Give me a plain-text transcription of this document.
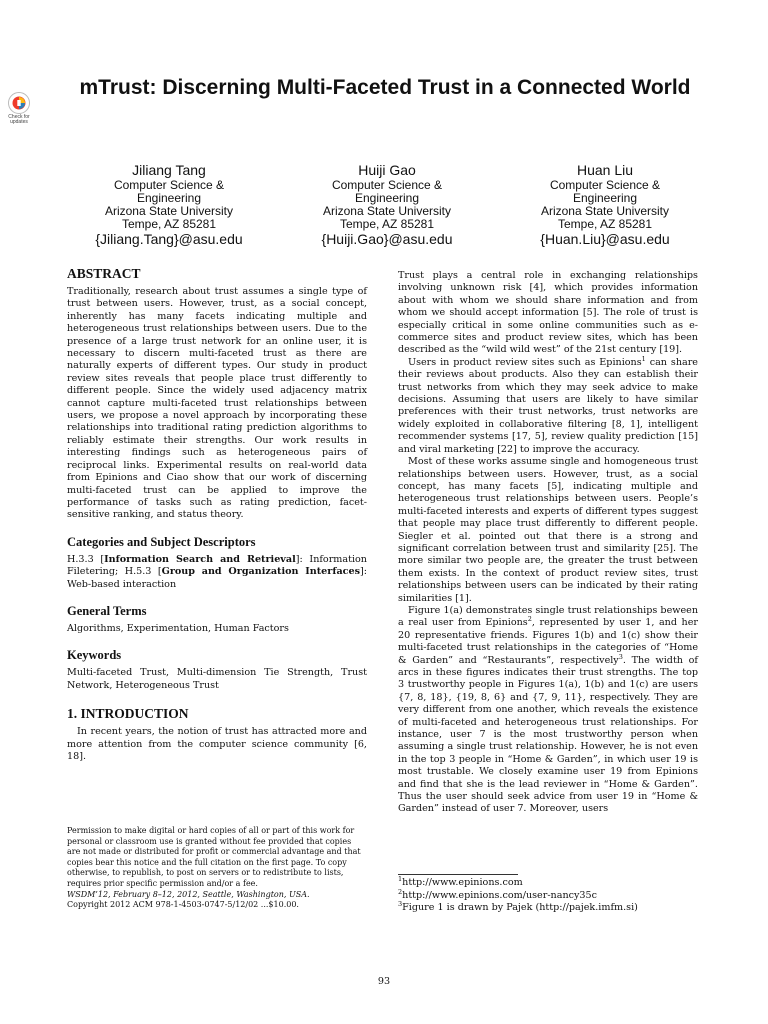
Check for updates
mTrust: Discerning Multi-Faceted Trust in a Connected World
Jiliang Tang
Computer Science &
Engineering
Arizona State University
Tempe, AZ 85281
{Jiliang.Tang}@asu.edu
Huiji Gao
Computer Science &
Engineering
Arizona State University
Tempe, AZ 85281
{Huiji.Gao}@asu.edu
Huan Liu
Computer Science &
Engineering
Arizona State University
Tempe, AZ 85281
{Huan.Liu}@asu.edu
ABSTRACT

Traditionally, research about trust assumes a single type of trust between users. However, trust, as a social concept, inherently has many facets indicating multiple and heterogeneous trust relationships between users. Due to the presence of a large trust network for an online user, it is necessary to discern multi-faceted trust as there are naturally experts of different types. Our study in product review sites reveals that people place trust differently to different people. Since the widely used adjacency matrix cannot capture multi-faceted trust relationships between users, we propose a novel approach by incorporating these relationships into traditional rating prediction algorithms to reliably estimate their strengths. Our work results in interesting findings such as heterogeneous pairs of reciprocal links. Experimental results on real-world data from Epinions and Ciao show that our work of discerning multi-faceted trust can be applied to improve the performance of tasks such as rating prediction, facet-sensitive ranking, and status theory.

Categories and Subject Descriptors

H.3.3 [Information Search and Retrieval]: Information Filetering; H.5.3 [Group and Organization Interfaces]: Web-based interaction

General Terms

Algorithms, Experimentation, Human Factors

Keywords

Multi-faceted Trust, Multi-dimension Tie Strength, Trust Network, Heterogeneous Trust

1. INTRODUCTION

In recent years, the notion of trust has attracted more and more attention from the computer science community [6, 18].

Permission to make digital or hard copies of all or part of this work for personal or classroom use is granted without fee provided that copies are not made or distributed for profit or commercial advantage and that copies bear this notice and the full citation on the first page. To copy otherwise, to republish, to post on servers or to redistribute to lists, requires prior specific permission and/or a fee.

WSDM’12, February 8–12, 2012, Seattle, Washington, USA.

Copyright 2012 ACM 978-1-4503-0747-5/12/02 ...$10.00.

Trust plays a central role in exchanging relationships involving unknown risk [4], which provides information about with whom we should share information and from whom we should accept information [5]. The role of trust is especially critical in some online communities such as e-commerce sites and product review sites, which has been described as the “wild wild west” of the 21st century [19].

Users in product review sites such as Epinions$^1$ can share their reviews about products. Also they can establish their trust networks from which they may seek advice to make decisions. Assuming that users are likely to have similar preferences with their trust networks, trust networks are widely exploited in collaborative filtering [8, 1], intelligent recommender systems [17, 5], review quality prediction [15] and viral marketing [22] to improve the accuracy.

Most of these works assume single and homogeneous trust relationships between users. However, trust, as a social concept, has many facets [5], indicating multiple and heterogeneous trust relationships between users. People’s multi-faceted interests and experts of different types suggest that people may place trust differently to different people. Siegler et al. pointed out that there is a strong and significant correlation between trust and similarity [25]. The more similar two people are, the greater the trust between them exists. In the context of product review sites, trust relationships between users can be indicated by their rating similarities [1].

Figure 1(a) demonstrates single trust relationships beween a real user from Epinions$^2$, represented by user 1, and her 20 representative friends. Figures 1(b) and 1(c) show their multi-faceted trust relationships in the categories of “Home & Garden” and “Restaurants”, respectively$^3$. The width of arcs in these figures indicates their trust strengths. The top 3 trustworthy people in Figures 1(a), 1(b) and 1(c) are users {7, 8, 18}, {19, 8, 6} and {7, 9, 11}, respectively. They are very different from one another, which reveals the existence of multi-faceted and heterogeneous trust relationships. For instance, user 7 is the most trustworthy person when assuming a single trust relationship. However, he is not even in the top 3 people in “Home & Garden”, in which user 19 is most trustable. We closely examine user 19 from Epinions and find that she is the lead reviewer in “Home & Garden”. Thus the user should seek advice from user 19 in “Home & Garden” instead of user 7. Moreover, users

$^1$http://www.epinions.com

$^2$http://www.epinions.com/user-nancy35c

$^3$Figure 1 is drawn by Pajek (http://pajek.imfm.si)

93
